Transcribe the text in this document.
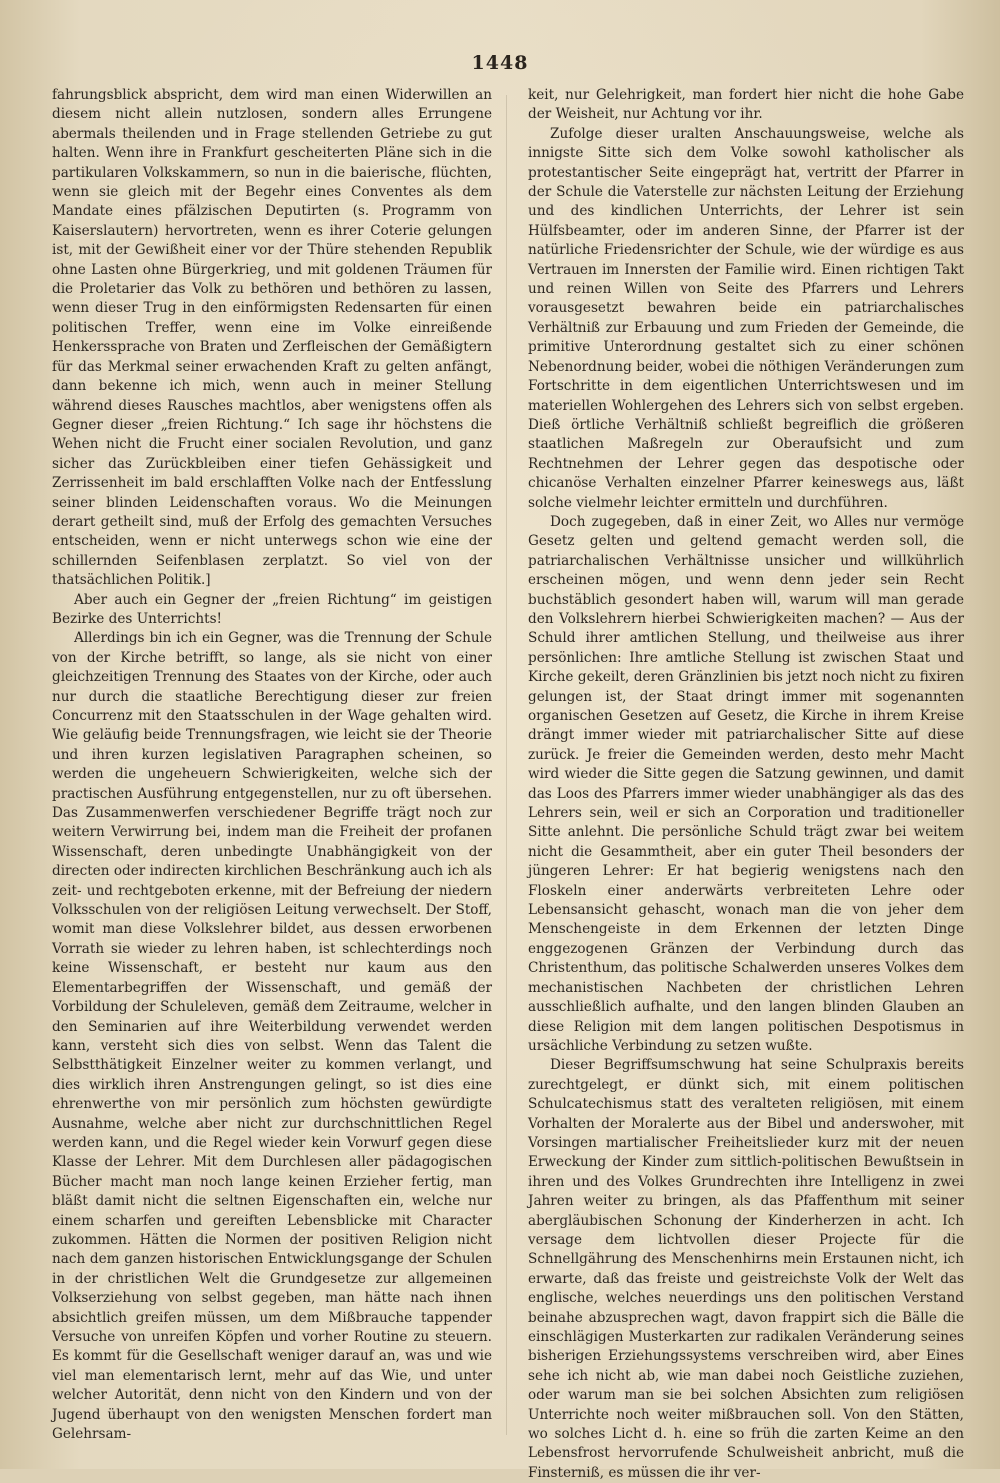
1448

fahrungsblick abspricht, dem wird man einen Widerwillen an diesem nicht allein nutzlosen, sondern alles Errungene abermals theilenden und in Frage stellenden Getriebe zu gut halten. Wenn ihre in Frankfurt gescheiterten Pläne sich in die partikularen Volkskammern, so nun in die baierische, flüchten, wenn sie gleich mit der Begehr eines Conventes als dem Mandate eines pfälzischen Deputirten (s. Programm von Kaiserslautern) hervortreten, wenn es ihrer Coterie gelungen ist, mit der Gewißheit einer vor der Thüre stehenden Republik ohne Lasten ohne Bürgerkrieg, und mit goldenen Träumen für die Proletarier das Volk zu bethören und bethören zu lassen, wenn dieser Trug in den einförmigsten Redensarten für einen politischen Treffer, wenn eine im Volke einreißende Henkerssprache von Braten und Zerfleischen der Gemäßigtern für das Merkmal seiner erwachenden Kraft zu gelten anfängt, dann bekenne ich mich, wenn auch in meiner Stellung während dieses Rausches machtlos, aber wenigstens offen als Gegner dieser „freien Richtung.“ Ich sage ihr höchstens die Wehen nicht die Frucht einer socialen Revolution, und ganz sicher das Zurückbleiben einer tiefen Gehässigkeit und Zerrissenheit im bald erschlafften Volke nach der Entfesslung seiner blinden Leidenschaften voraus. Wo die Meinungen derart getheilt sind, muß der Erfolg des gemachten Versuches entscheiden, wenn er nicht unterwegs schon wie eine der schillernden Seifenblasen zerplatzt. So viel von der thatsächlichen Politik.]

Aber auch ein Gegner der „freien Richtung“ im geistigen Bezirke des Unterrichts!

Allerdings bin ich ein Gegner, was die Trennung der Schule von der Kirche betrifft, so lange, als sie nicht von einer gleichzeitigen Trennung des Staates von der Kirche, oder auch nur durch die staatliche Berechtigung dieser zur freien Concurrenz mit den Staatsschulen in der Wage gehalten wird. Wie geläufig beide Trennungsfragen, wie leicht sie der Theorie und ihren kurzen legislativen Paragraphen scheinen, so werden die ungeheuern Schwierigkeiten, welche sich der practischen Ausführung entgegenstellen, nur zu oft übersehen. Das Zusammenwerfen verschiedener Begriffe trägt noch zur weitern Verwirrung bei, indem man die Freiheit der profanen Wissenschaft, deren unbedingte Unabhängigkeit von der directen oder indirecten kirchlichen Beschränkung auch ich als zeit- und rechtgeboten erkenne, mit der Befreiung der niedern Volksschulen von der religiösen Leitung verwechselt. Der Stoff, womit man diese Volkslehrer bildet, aus dessen erworbenen Vorrath sie wieder zu lehren haben, ist schlechterdings noch keine Wissenschaft, er besteht nur kaum aus den Elementarbegriffen der Wissenschaft, und gemäß der Vorbildung der Schuleleven, gemäß dem Zeitraume, welcher in den Seminarien auf ihre Weiterbildung verwendet werden kann, versteht sich dies von selbst. Wenn das Talent die Selbstthätigkeit Einzelner weiter zu kommen verlangt, und dies wirklich ihren Anstrengungen gelingt, so ist dies eine ehrenwerthe von mir persönlich zum höchsten gewürdigte Ausnahme, welche aber nicht zur durchschnittlichen Regel werden kann, und die Regel wieder kein Vorwurf gegen diese Klasse der Lehrer. Mit dem Durchlesen aller pädagogischen Bücher macht man noch lange keinen Erzieher fertig, man bläßt damit nicht die seltnen Eigenschaften ein, welche nur einem scharfen und gereiften Lebensblicke mit Character zukommen. Hätten die Normen der positiven Religion nicht nach dem ganzen historischen Entwicklungsgange der Schulen in der christlichen Welt die Grundgesetze zur allgemeinen Volkserziehung von selbst gegeben, man hätte nach ihnen absichtlich greifen müssen, um dem Mißbrauche tappender Versuche von unreifen Köpfen und vorher Routine zu steuern. Es kommt für die Gesellschaft weniger darauf an, was und wie viel man elementarisch lernt, mehr auf das Wie, und unter welcher Autorität, denn nicht von den Kindern und von der Jugend überhaupt von den wenigsten Menschen fordert man Gelehrsam-

keit, nur Gelehrigkeit, man fordert hier nicht die hohe Gabe der Weisheit, nur Achtung vor ihr.

Zufolge dieser uralten Anschauungsweise, welche als innigste Sitte sich dem Volke sowohl katholischer als protestantischer Seite eingeprägt hat, vertritt der Pfarrer in der Schule die Vaterstelle zur nächsten Leitung der Erziehung und des kindlichen Unterrichts, der Lehrer ist sein Hülfsbeamter, oder im anderen Sinne, der Pfarrer ist der natürliche Friedensrichter der Schule, wie der würdige es aus Vertrauen im Innersten der Familie wird. Einen richtigen Takt und reinen Willen von Seite des Pfarrers und Lehrers vorausgesetzt bewahren beide ein patriarchalisches Verhältniß zur Erbauung und zum Frieden der Gemeinde, die primitive Unterordnung gestaltet sich zu einer schönen Nebenordnung beider, wobei die nöthigen Veränderungen zum Fortschritte in dem eigentlichen Unterrichtswesen und im materiellen Wohlergehen des Lehrers sich von selbst ergeben. Dieß örtliche Verhältniß schließt begreiflich die größeren staatlichen Maßregeln zur Oberaufsicht und zum Rechtnehmen der Lehrer gegen das despotische oder chicanöse Verhalten einzelner Pfarrer keineswegs aus, läßt solche vielmehr leichter ermitteln und durchführen.

Doch zugegeben, daß in einer Zeit, wo Alles nur vermöge Gesetz gelten und geltend gemacht werden soll, die patriarchalischen Verhältnisse unsicher und willkührlich erscheinen mögen, und wenn denn jeder sein Recht buchstäblich gesondert haben will, warum will man gerade den Volkslehrern hierbei Schwierigkeiten machen? — Aus der Schuld ihrer amtlichen Stellung, und theilweise aus ihrer persönlichen: Ihre amtliche Stellung ist zwischen Staat und Kirche gekeilt, deren Gränzlinien bis jetzt noch nicht zu fixiren gelungen ist, der Staat dringt immer mit sogenannten organischen Gesetzen auf Gesetz, die Kirche in ihrem Kreise drängt immer wieder mit patriarchalischer Sitte auf diese zurück. Je freier die Gemeinden werden, desto mehr Macht wird wieder die Sitte gegen die Satzung gewinnen, und damit das Loos des Pfarrers immer wieder unabhängiger als das des Lehrers sein, weil er sich an Corporation und traditioneller Sitte anlehnt. Die persönliche Schuld trägt zwar bei weitem nicht die Gesammtheit, aber ein guter Theil besonders der jüngeren Lehrer: Er hat begierig wenigstens nach den Floskeln einer anderwärts verbreiteten Lehre oder Lebensansicht gehascht, wonach man die von jeher dem Menschengeiste in dem Erkennen der letzten Dinge enggezogenen Gränzen der Verbindung durch das Christenthum, das politische Schalwerden unseres Volkes dem mechanistischen Nachbeten der christlichen Lehren ausschließlich aufhalte, und den langen blinden Glauben an diese Religion mit dem langen politischen Despotismus in ursächliche Verbindung zu setzen wußte.

Dieser Begriffsumschwung hat seine Schulpraxis bereits zurechtgelegt, er dünkt sich, mit einem politischen Schulcatechismus statt des veralteten religiösen, mit einem Vorhalten der Moralerte aus der Bibel und anderswoher, mit Vorsingen martialischer Freiheitslieder kurz mit der neuen Erweckung der Kinder zum sittlich-politischen Bewußtsein in ihren und des Volkes Grundrechten ihre Intelligenz in zwei Jahren weiter zu bringen, als das Pfaffenthum mit seiner abergläubischen Schonung der Kinderherzen in acht. Ich versage dem lichtvollen dieser Projecte für die Schnellgährung des Menschenhirns mein Erstaunen nicht, ich erwarte, daß das freiste und geistreichste Volk der Welt das englische, welches neuerdings uns den politischen Verstand beinahe abzusprechen wagt, davon frappirt sich die Bälle die einschlägigen Musterkarten zur radikalen Veränderung seines bisherigen Erziehungssystems verschreiben wird, aber Eines sehe ich nicht ab, wie man dabei noch Geistliche zuziehen, oder warum man sie bei solchen Absichten zum religiösen Unterrichte noch weiter mißbrauchen soll. Von den Stätten, wo solches Licht d. h. eine so früh die zarten Keime an den Lebensfrost hervorrufende Schulweisheit anbricht, muß die Finsterniß, es müssen die ihr ver-
